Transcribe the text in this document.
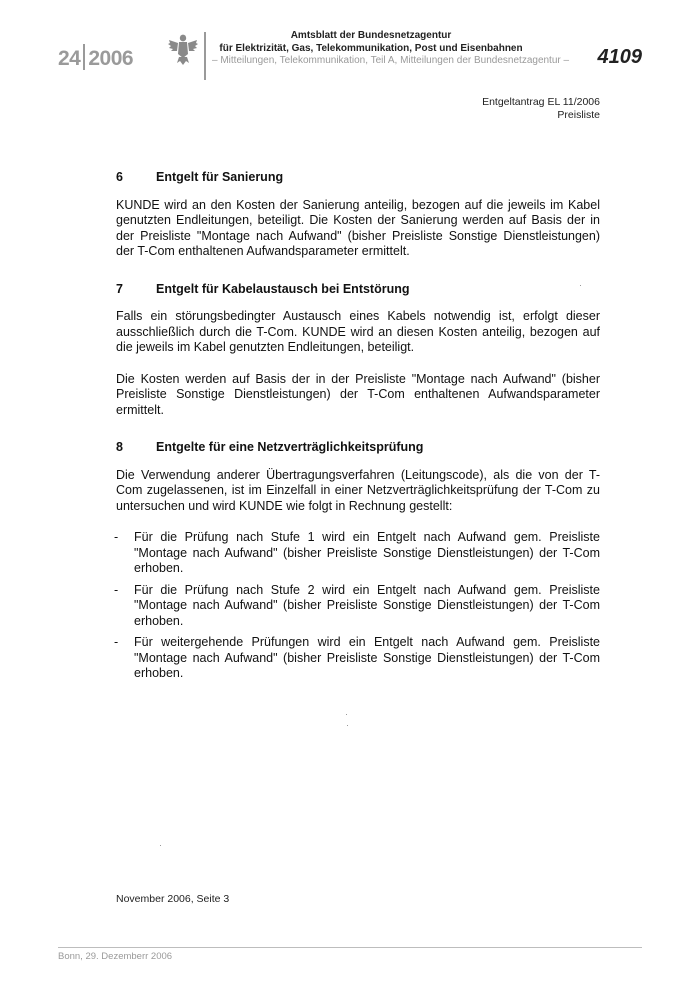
24 2006
Amtsblatt der Bundesnetzagentur
für Elektrizität, Gas, Telekommunikation, Post und Eisenbahnen
– Mitteilungen, Telekommunikation, Teil A, Mitteilungen der Bundesnetzagentur – 4109
Entgeltantrag EL 11/2006
Preisliste
6	Entgelt für Sanierung

KUNDE wird an den Kosten der Sanierung anteilig, bezogen auf die jeweils im Kabel genutzten Endleitungen, beteiligt. Die Kosten der Sanierung werden auf Basis der in der Preisliste "Montage nach Aufwand" (bisher Preisliste Sonstige Dienstleistungen) der T-Com enthaltenen Aufwandsparameter ermittelt.

7	Entgelt für Kabelaustausch bei Entstörung

Falls ein störungsbedingter Austausch eines Kabels notwendig ist, erfolgt dieser ausschließlich durch die T-Com. KUNDE wird an diesen Kosten anteilig, bezogen auf die jeweils im Kabel genutzten Endleitungen, beteiligt.

Die Kosten werden auf Basis der in der Preisliste "Montage nach Aufwand" (bisher Preisliste Sonstige Dienstleistungen) der T-Com enthaltenen Aufwandsparameter ermittelt.

8	Entgelte für eine Netzverträglichkeitsprüfung

Die Verwendung anderer Übertragungsverfahren (Leitungscode), als die von der T-Com zugelassenen, ist im Einzelfall in einer Netzverträglichkeitsprüfung der T-Com zu untersuchen und wird KUNDE wie folgt in Rechnung gestellt:

- Für die Prüfung nach Stufe 1 wird ein Entgelt nach Aufwand gem. Preisliste "Montage nach Aufwand" (bisher Preisliste Sonstige Dienstleistungen) der T-Com erhoben.
- Für die Prüfung nach Stufe 2 wird ein Entgelt nach Aufwand gem. Preisliste "Montage nach Aufwand" (bisher Preisliste Sonstige Dienstleistungen) der T-Com erhoben.
- Für weitergehende Prüfungen wird ein Entgelt nach Aufwand gem. Preisliste "Montage nach Aufwand" (bisher Preisliste Sonstige Dienstleistungen) der T-Com erhoben.
November 2006, Seite 3
Bonn, 29. Dezemberr 2006
